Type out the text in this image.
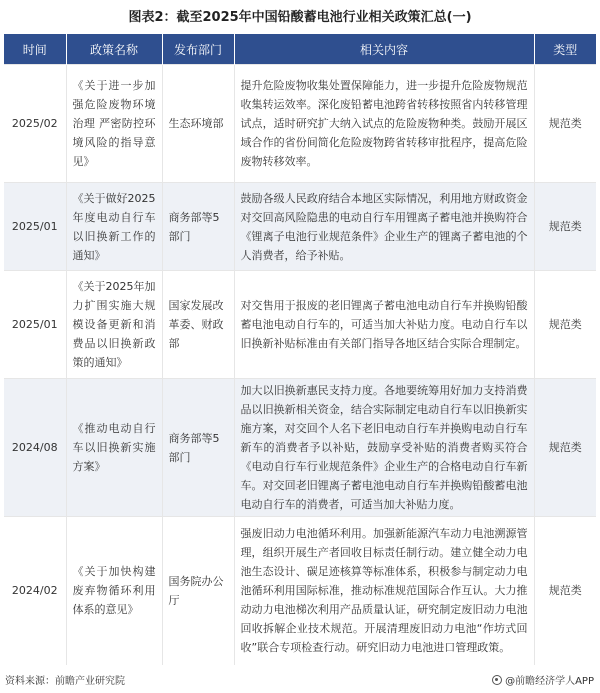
图表2：截至2025年中国铅酸蓄电池行业相关政策汇总(一)
时间	政策名称	发布部门	相关内容	类型
2025/02	《关于进一步加强危险废物环境治理 严密防控环境风险的指导意见》	生态环境部	提升危险废物收集处置保障能力，进一步提升危险废物规范收集转运效率。深化废铅蓄电池跨省转移按照省内转移管理试点，适时研究扩大纳入试点的危险废物种类。鼓励开展区域合作的省份间简化危险废物跨省转移审批程序，提高危险废物转移效率。	规范类
2025/01	《关于做好2025年度电动自行车以旧换新工作的通知》	商务部等5部门	鼓励各级人民政府结合本地区实际情况，利用地方财政资金对交回高风险隐患的电动自行车用锂离子蓄电池并换购符合《锂离子电池行业规范条件》企业生产的锂离子蓄电池的个人消费者，给予补贴。	规范类
2025/01	《关于2025年加力扩围实施大规模设备更新和消费品以旧换新政策的通知》	国家发展改革委、财政部	对交售用于报废的老旧锂离子蓄电池电动自行车并换购铅酸蓄电池电动自行车的，可适当加大补贴力度。电动自行车以旧换新补贴标准由有关部门指导各地区结合实际合理制定。	规范类
2024/08	《推动电动自行车以旧换新实施方案》	商务部等5部门	加大以旧换新惠民支持力度。各地要统筹用好加力支持消费品以旧换新相关资金，结合实际制定电动自行车以旧换新实施方案，对交回个人名下老旧电动自行车并换购电动自行车新车的消费者予以补贴，鼓励享受补贴的消费者购买符合《电动自行车行业规范条件》企业生产的合格电动自行车新车。对交回老旧锂离子蓄电池电动自行车并换购铅酸蓄电池电动自行车的消费者，可适当加大补贴力度。	规范类
2024/02	《关于加快构建废弃物循环利用体系的意见》	国务院办公厅	强废旧动力电池循环利用。加强新能源汽车动力电池溯源管理，组织开展生产者回收目标责任制行动。建立健全动力电池生态设计、碳足迹核算等标准体系，积极参与制定动力电池循环利用国际标准，推动标准规范国际合作互认。大力推动动力电池梯次利用产品质量认证，研究制定废旧动力电池回收拆解企业技术规范。开展清理废旧动力电池“作坊式回收”联合专项检查行动。研究旧动力电池进口管理政策。	规范类
资料来源：前瞻产业研究院	@前瞻经济学人APP
